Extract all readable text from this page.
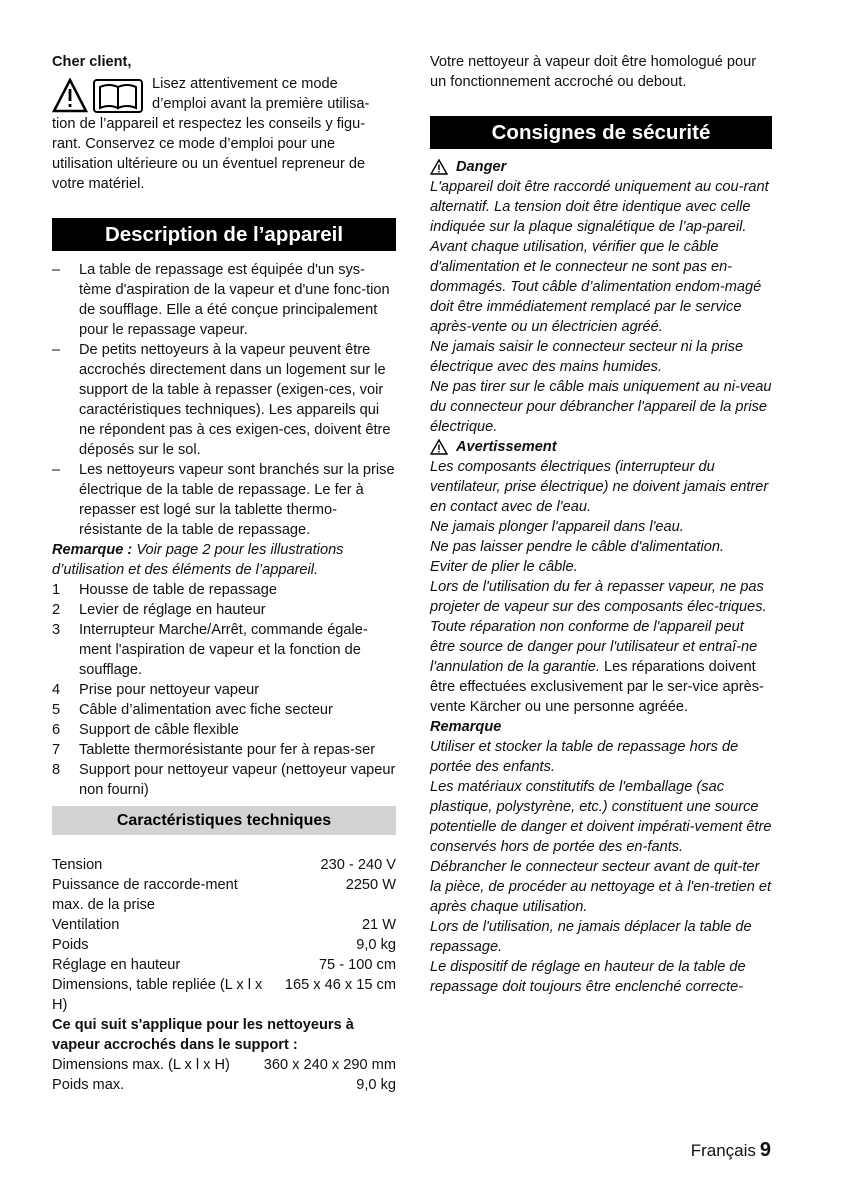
Cher client,

Lisez attentivement ce mode

d’emploi avant la première utilisa-

tion de l’appareil et respectez les conseils y figu-

rant. Conservez ce mode d’emploi pour une

utilisation ultérieure ou un éventuel repreneur de

votre matériel.

Description de l’appareil
– La table de repassage est équipée d'un sys-tème d'aspiration de la vapeur et d'une fonc-tion de soufflage. Elle a été conçue principalement pour le repassage vapeur.
– De petits nettoyeurs à la vapeur peuvent être accrochés directement dans un logement sur le support de la table à repasser (exigen-ces, voir caractéristiques techniques). Les appareils qui ne répondent pas à ces exigen-ces, doivent être déposés sur le sol.
– Les nettoyeurs vapeur sont branchés sur la prise électrique de la table de repassage. Le fer à repasser est logé sur la tablette thermo-résistante de la table de repassage.

Remarque : Voir page 2 pour les illustrations d’utilisation et des éléments de l’appareil.

1 Housse de table de repassage
2 Levier de réglage en hauteur
3 Interrupteur Marche/Arrêt, commande égale-ment l'aspiration de vapeur et la fonction de soufflage.
4 Prise pour nettoyeur vapeur
5 Câble d’alimentation avec fiche secteur
6 Support de câble flexible
7 Tablette thermorésistante pour fer à repas-ser
8 Support pour nettoyeur vapeur (nettoyeur vapeur non fourni)
Caractéristiques techniques
Tension	230 - 240 V
Puissance de raccorde-ment max. de la prise
2250 W
Ventilation	21 W
Poids	9,0 kg
Réglage en hauteur	75 - 100 cm
Dimensions, table repliée (L x l x H)
165 x 46 x 15 cm

Ce qui suit s'applique pour les nettoyeurs à vapeur accrochés dans le support :

Dimensions max. (L x l x H) 360 x 240 x 290 mm
Poids max.	9,0 kg

Votre nettoyeur à vapeur doit être homologué pour un fonctionnement accroché ou debout.

Consignes de sécurité
Danger

L'appareil doit être raccordé uniquement au cou-rant alternatif. La tension doit être identique avec celle indiquée sur la plaque signalétique de l’ap-pareil.

Avant chaque utilisation, vérifier que le câble d'alimentation et le connecteur ne sont pas en-dommagés. Tout câble d’alimentation endom-magé doit être immédiatement remplacé par le service après-vente ou un électricien agréé.

Ne jamais saisir le connecteur secteur ni la prise électrique avec des mains humides.

Ne pas tirer sur le câble mais uniquement au ni-veau du connecteur pour débrancher l'appareil de la prise électrique.

Avertissement

Les composants électriques (interrupteur du ventilateur, prise électrique) ne doivent jamais entrer en contact avec de l'eau.

Ne jamais plonger l'appareil dans l'eau.

Ne pas laisser pendre le câble d'alimentation.

Eviter de plier le câble.

Lors de l'utilisation du fer à repasser vapeur, ne pas projeter de vapeur sur des composants élec-triques.

Toute réparation non conforme de l'appareil peut être source de danger pour l'utilisateur et entraî-ne l'annulation de la garantie. Les réparations doivent être effectuées exclusivement par le ser-vice après-vente Kärcher ou une personne agréée.

Remarque

Utiliser et stocker la table de repassage hors de portée des enfants.

Les matériaux constitutifs de l'emballage (sac plastique, polystyrène, etc.) constituent une source potentielle de danger et doivent impérati-vement être conservés hors de portée des en-fants.

Débrancher le connecteur secteur avant de quit-ter la pièce, de procéder au nettoyage et à l'en-tretien et après chaque utilisation.

Lors de l'utilisation, ne jamais déplacer la table de repassage.

Le dispositif de réglage en hauteur de la table de repassage doit toujours être enclenché correcte-

Français 9
